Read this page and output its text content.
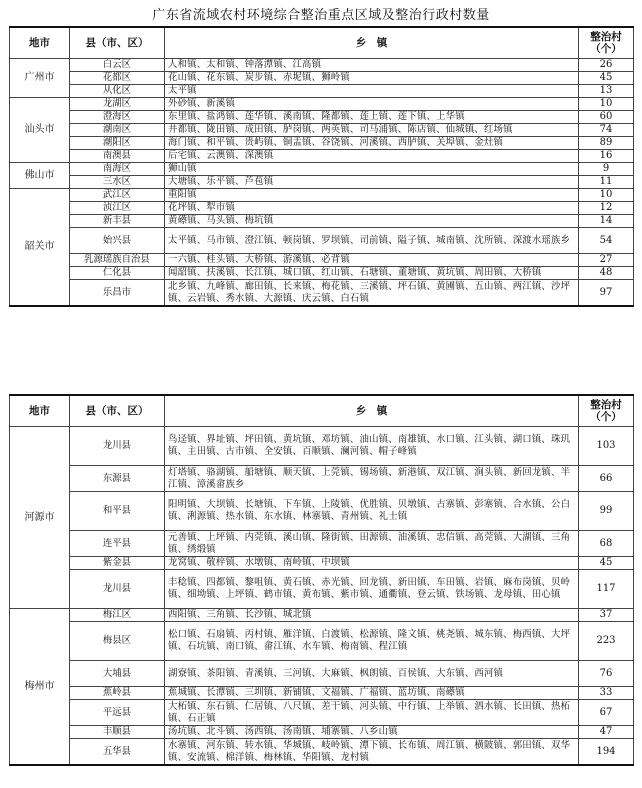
广东省流域农村环境综合整治重点区域及整治行政村数量
地市	县（市、区）	乡　镇	整治村（个）
广州市	白云区	人和镇、太和镇、钟落潭镇、江高镇	26
	花都区	花山镇、花东镇、炭步镇、赤坭镇、狮岭镇	45
	从化区	太平镇	13
汕头市	龙湖区	外砂镇、新溪镇	10
	澄海区	东里镇、盐鸿镇、莲华镇、溪南镇、隆都镇、莲上镇、莲下镇、上华镇	60
	潮南区	井都镇、陇田镇、成田镇、胪岗镇、两英镇、司马浦镇、陈店镇、仙城镇、红场镇	74
	潮阳区	海门镇、和平镇、贵屿镇、铜盂镇、谷饶镇、河溪镇、西胪镇、关埠镇、金灶镇	89
	南澳县	后宅镇、云澳镇、深澳镇	16
佛山市	南海区	狮山镇	9
	三水区	大塘镇、乐平镇、芦苞镇	11
韶关市	武江区	重阳镇	10
	浈江区	花坪镇、犁市镇	12
	新丰县	黄礤镇、马头镇、梅坑镇	14
	始兴县	太平镇、马市镇、澄江镇、顿岗镇、罗坝镇、司前镇、隘子镇、城南镇、沈所镇、深渡水瑶族乡	54
	乳源瑶族自治县	一六镇、桂头镇、大桥镇、游溪镇、必背镇	27
	仁化县	闻韶镇、扶溪镇、长江镇、城口镇、红山镇、石塘镇、董塘镇、黄坑镇、周田镇、大桥镇	48
	乐昌市	北乡镇、九峰镇、廊田镇、长来镇、梅花镇、三溪镇、坪石镇、黄圃镇、五山镇、两江镇、沙坪镇、云岩镇、秀水镇、大源镇、庆云镇、白石镇	97
地市	县（市、区）	乡　镇	整治村（个）
河源市	龙川县	鸟迳镇、界址镇、坪田镇、黄坑镇、邓坊镇、油山镇、南雄镇、水口镇、江头镇、湖口镇、珠玑镇、主田镇、古市镇、全安镇、百顺镇、澜河镇、帽子峰镇	103
	东源县	灯塔镇、骆湖镇、船塘镇、顺天镇、上莞镇、锡场镇、新港镇、双江镇、涧头镇、新回龙镇、半江镇、漳溪畲族乡	66
	和平县	阳明镇、大坝镇、长塘镇、下车镇、上陵镇、优胜镇、贝墩镇、古寨镇、彭寨镇、合水镇、公白镇、浰源镇、热水镇、东水镇、林寨镇、青州镇、礼士镇	99
	连平县	元善镇、上坪镇、内莞镇、溪山镇、隆街镇、田源镇、油溪镇、忠信镇、高莞镇、大湖镇、三角镇、绣缎镇	68
	紫金县	龙窝镇、敬梓镇、水墩镇、南岭镇、中坝镇	45
	龙川县	丰稔镇、四都镇、黎咀镇、黄石镇、赤光镇、回龙镇、新田镇、车田镇、岩镇、麻布岗镇、贝岭镇、细坳镇、上坪镇、鹤市镇、黄布镇、紫市镇、通衢镇、登云镇、铁场镇、龙母镇、田心镇	117
梅州市	梅江区	西阳镇、三角镇、长沙镇、城北镇	37
	梅县区	松口镇、石扇镇、丙村镇、雁洋镇、白渡镇、松源镇、隆文镇、桃尧镇、城东镇、梅西镇、大坪镇、石坑镇、南口镇、畲江镇、水车镇、梅南镇、程江镇	223
	大埔县	湖寮镇、茶阳镇、青溪镇、三河镇、大麻镇、枫朗镇、百侯镇、大东镇、西河镇	76
	蕉岭县	蕉城镇、长潭镇、三圳镇、新铺镇、文福镇、广福镇、蓝坊镇、南礤镇	33
	平远县	大柘镇、东石镇、仁居镇、八尺镇、差干镇、河头镇、中行镇、上举镇、泗水镇、长田镇、热柘镇、石正镇	67
	丰顺县	汤坑镇、北斗镇、汤西镇、汤南镇、埔寨镇、八乡山镇	47
	五华县	水寨镇、河东镇、转水镇、华城镇、岐岭镇、潭下镇、长布镇、周江镇、横陂镇、郭田镇、双华镇、安流镇、棉洋镇、梅林镇、华阳镇、龙村镇	194
